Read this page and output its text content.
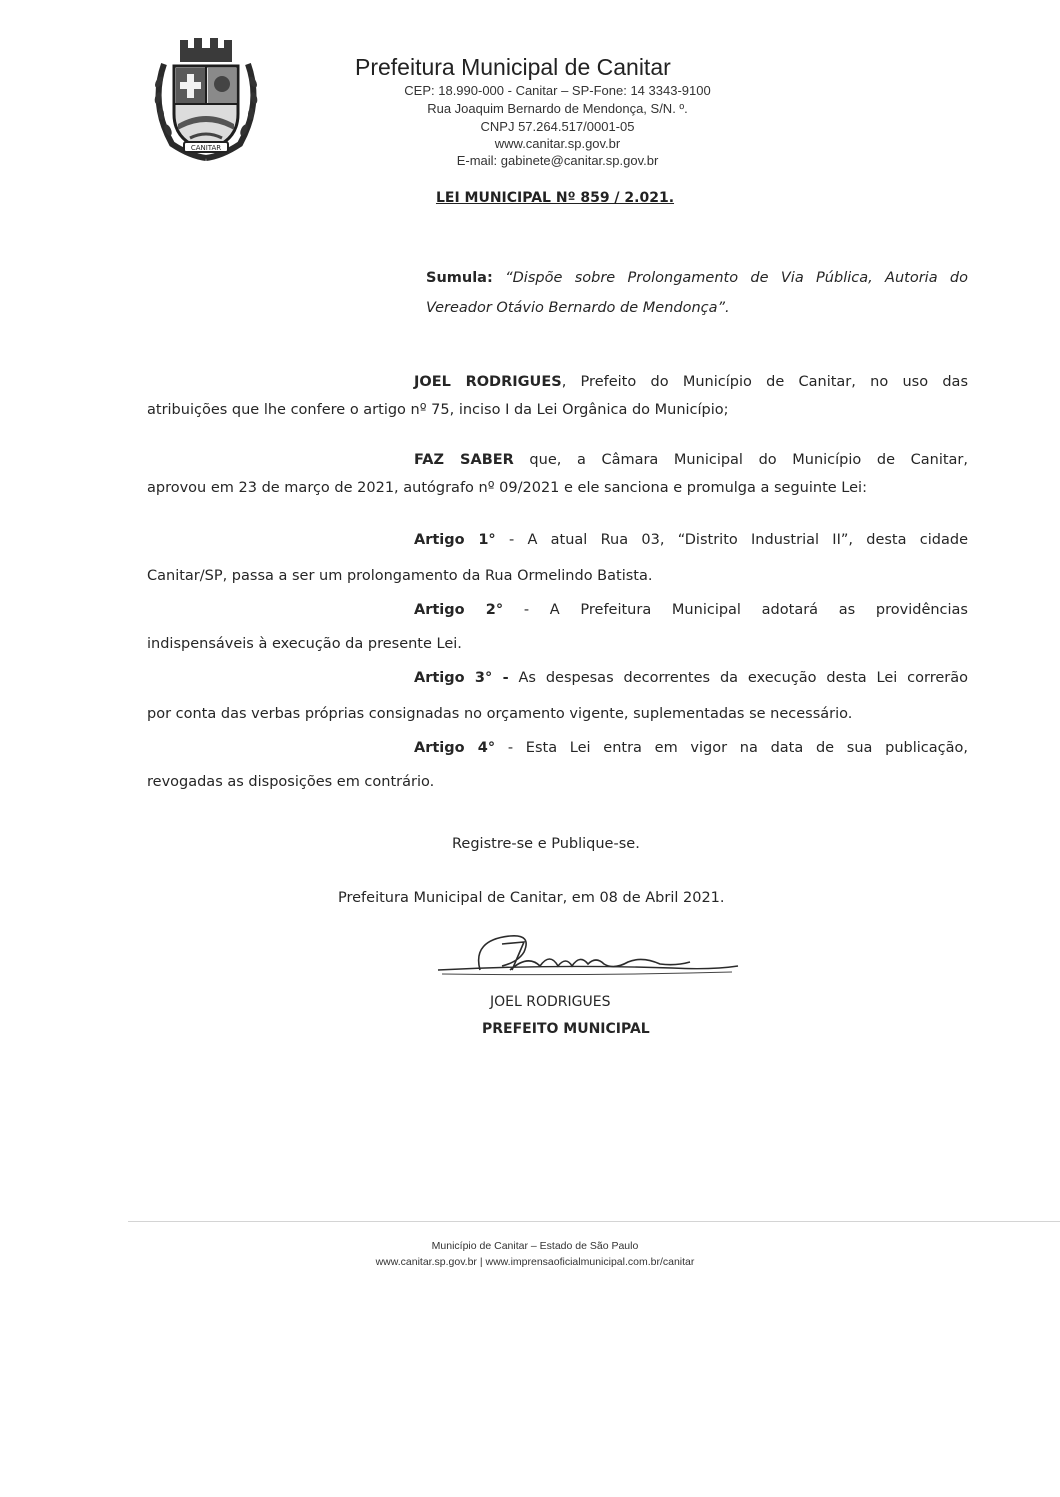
CANITAR
Prefeitura Municipal de Canitar
CEP: 18.990-000 - Canitar – SP-Fone: 14 3343-9100
Rua Joaquim Bernardo de Mendonça, S/N. º.
CNPJ 57.264.517/0001-05
www.canitar.sp.gov.br
E-mail: gabinete@canitar.sp.gov.br
LEI MUNICIPAL Nº 859 / 2.021.
Sumula: “Dispõe sobre Prolongamento de Via Pública, Autoria do
Vereador Otávio Bernardo de Mendonça”.
JOEL RODRIGUES, Prefeito do Município de Canitar, no uso das
atribuições que lhe confere o artigo nº 75, inciso I da Lei Orgânica do Município;
FAZ SABER que, a Câmara Municipal do Município de Canitar,
aprovou em 23 de março de 2021, autógrafo nº 09/2021 e ele sanciona e promulga a seguinte Lei:
Artigo 1° - A atual Rua 03, “Distrito Industrial II”, desta cidade
Canitar/SP, passa a ser um prolongamento da Rua Ormelindo Batista.
Artigo 2° - A Prefeitura Municipal adotará as providências
indispensáveis à execução da presente Lei.
Artigo 3° - As despesas decorrentes da execução desta Lei correrão
por conta das verbas próprias consignadas no orçamento vigente, suplementadas se necessário.
Artigo 4° - Esta Lei entra em vigor na data de sua publicação,
revogadas as disposições em contrário.
Registre-se e Publique-se.
Prefeitura Municipal de Canitar, em 08 de Abril 2021.
JOEL RODRIGUES
PREFEITO MUNICIPAL
Município de Canitar – Estado de São Paulo
www.canitar.sp.gov.br | www.imprensaoficialmunicipal.com.br/canitar
